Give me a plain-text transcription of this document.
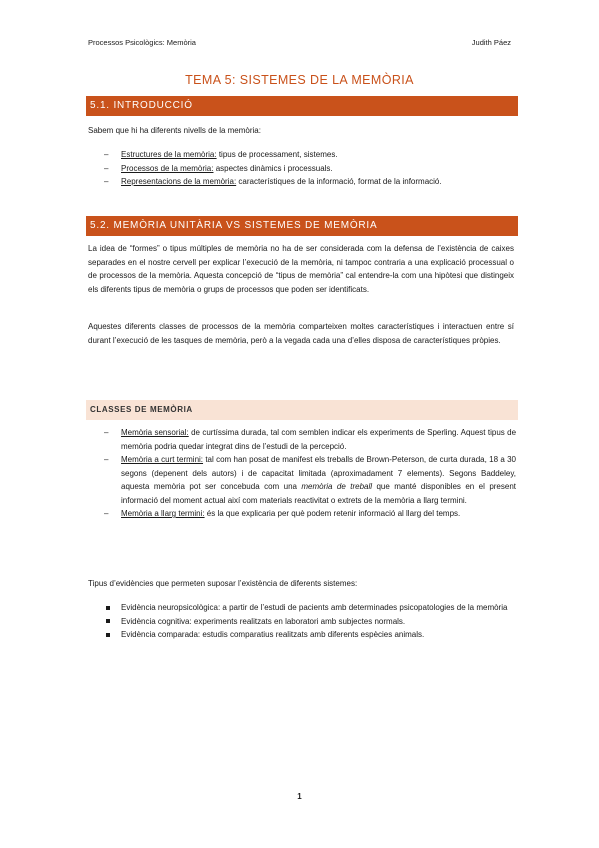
Processos Psicològics: Memòria	Judith Páez
TEMA 5: SISTEMES DE LA MEMÒRIA
5.1. INTRODUCCIÓ
Sabem que hi ha diferents nivells de la memòria:
– Estructures de la memòria: tipus de processament, sistemes.
– Processos de la memòria: aspectes dinàmics i processuals.
– Representacions de la memòria: característiques de la informació, format de la informació.
5.2. MEMÒRIA UNITÀRIA VS SISTEMES DE MEMÒRIA
La idea de “formes” o tipus múltiples de memòria no ha de ser considerada com la defensa de l’existència de caixes separades en el nostre cervell per explicar l’execució de la memòria, ni tampoc contraria a una explicació processual o de processos de la memòria. Aquesta concepció de “tipus de memòria” cal entendre-la com una hipòtesi que distingeix els diferents tipus de memòria o grups de processos que poden ser identificats.
Aquestes diferents classes de processos de la memòria comparteixen moltes característiques i interactuen entre sí durant l’execució de les tasques de memòria, però a la vegada cada una d’elles disposa de característiques pròpies.
CLASSES DE MEMÒRIA
– Memòria sensorial: de curtíssima durada, tal com semblen indicar els experiments de Sperling. Aquest tipus de memòria podria quedar integrat dins de l’estudi de la percepció.
– Memòria a curt termini: tal com han posat de manifest els treballs de Brown-Peterson, de curta durada, 18 a 30 segons (depenent dels autors) i de capacitat limitada (aproximadament 7 elements). Segons Baddeley, aquesta memòria pot ser concebuda com una memòria de treball que manté disponibles en el present informació del moment actual així com materials reactivitat o extrets de la memòria a llarg termini.
– Memòria a llarg termini: és la que explicaria per què podem retenir informació al llarg del temps.
Tipus d’evidències que permeten suposar l’existència de diferents sistemes:
Evidència neuropsicològica: a partir de l’estudi de pacients amb determinades psicopatologies de la memòria
Evidència cognitiva: experiments realitzats en laboratori amb subjectes normals.
Evidència comparada: estudis comparatius realitzats amb diferents espècies animals.
1
